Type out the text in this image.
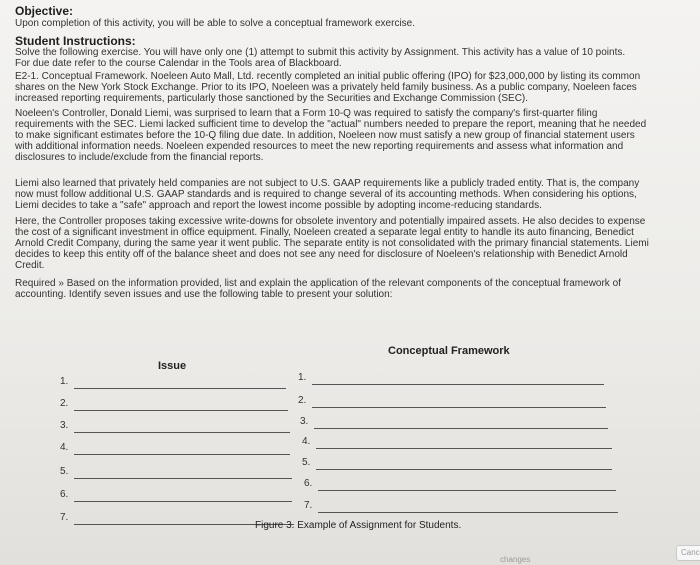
Objective:
Upon completion of this activity, you will be able to solve a conceptual framework exercise.
Student Instructions:
Solve the following exercise. You will have only one (1) attempt to submit this activity by Assignment. This activity has a value of 10 points.
For due date refer to the course Calendar in the Tools area of Blackboard.
E2-1. Conceptual Framework. Noeleen Auto Mall, Ltd. recently completed an initial public offering (IPO) for $23,000,000 by listing its common shares on the New York Stock Exchange. Prior to its IPO, Noeleen was a privately held family business. As a public company, Noeleen faces increased reporting requirements, particularly those sanctioned by the Securities and Exchange Commission (SEC).
Noeleen's Controller, Donald Liemi, was surprised to learn that a Form 10-Q was required to satisfy the company's first-quarter filing requirements with the SEC. Liemi lacked sufficient time to develop the "actual" numbers needed to prepare the report, meaning that he needed to make significant estimates before the 10-Q filing due date. In addition, Noeleen now must satisfy a new group of financial statement users with additional information needs. Noeleen expended resources to meet the new reporting requirements and assess what information and disclosures to include/exclude from the financial reports.
Liemi also learned that privately held companies are not subject to U.S. GAAP requirements like a publicly traded entity. That is, the company now must follow additional U.S. GAAP standards and is required to change several of its accounting methods. When considering his options, Liemi decides to take a "safe" approach and report the lowest income possible by adopting income-reducing standards.
Here, the Controller proposes taking excessive write-downs for obsolete inventory and potentially impaired assets. He also decides to expense the cost of a significant investment in office equipment. Finally, Noeleen created a separate legal entity to handle its auto financing, Benedict Arnold Credit Company, during the same year it went public. The separate entity is not consolidated with the primary financial statements. Liemi decides to keep this entity off of the balance sheet and does not see any need for disclosure of Noeleen's relationship with Benedict Arnold Credit.
Required » Based on the information provided, list and explain the application of the relevant components of the conceptual framework of accounting. Identify seven issues and use the following table to present your solution:
Issue
Conceptual Framework
1.
2.
3.
4.
5.
6.
7.
1.
2.
3.
4.
5.
6.
7.
Figure 3. Example of Assignment for Students.
changes
Canc
